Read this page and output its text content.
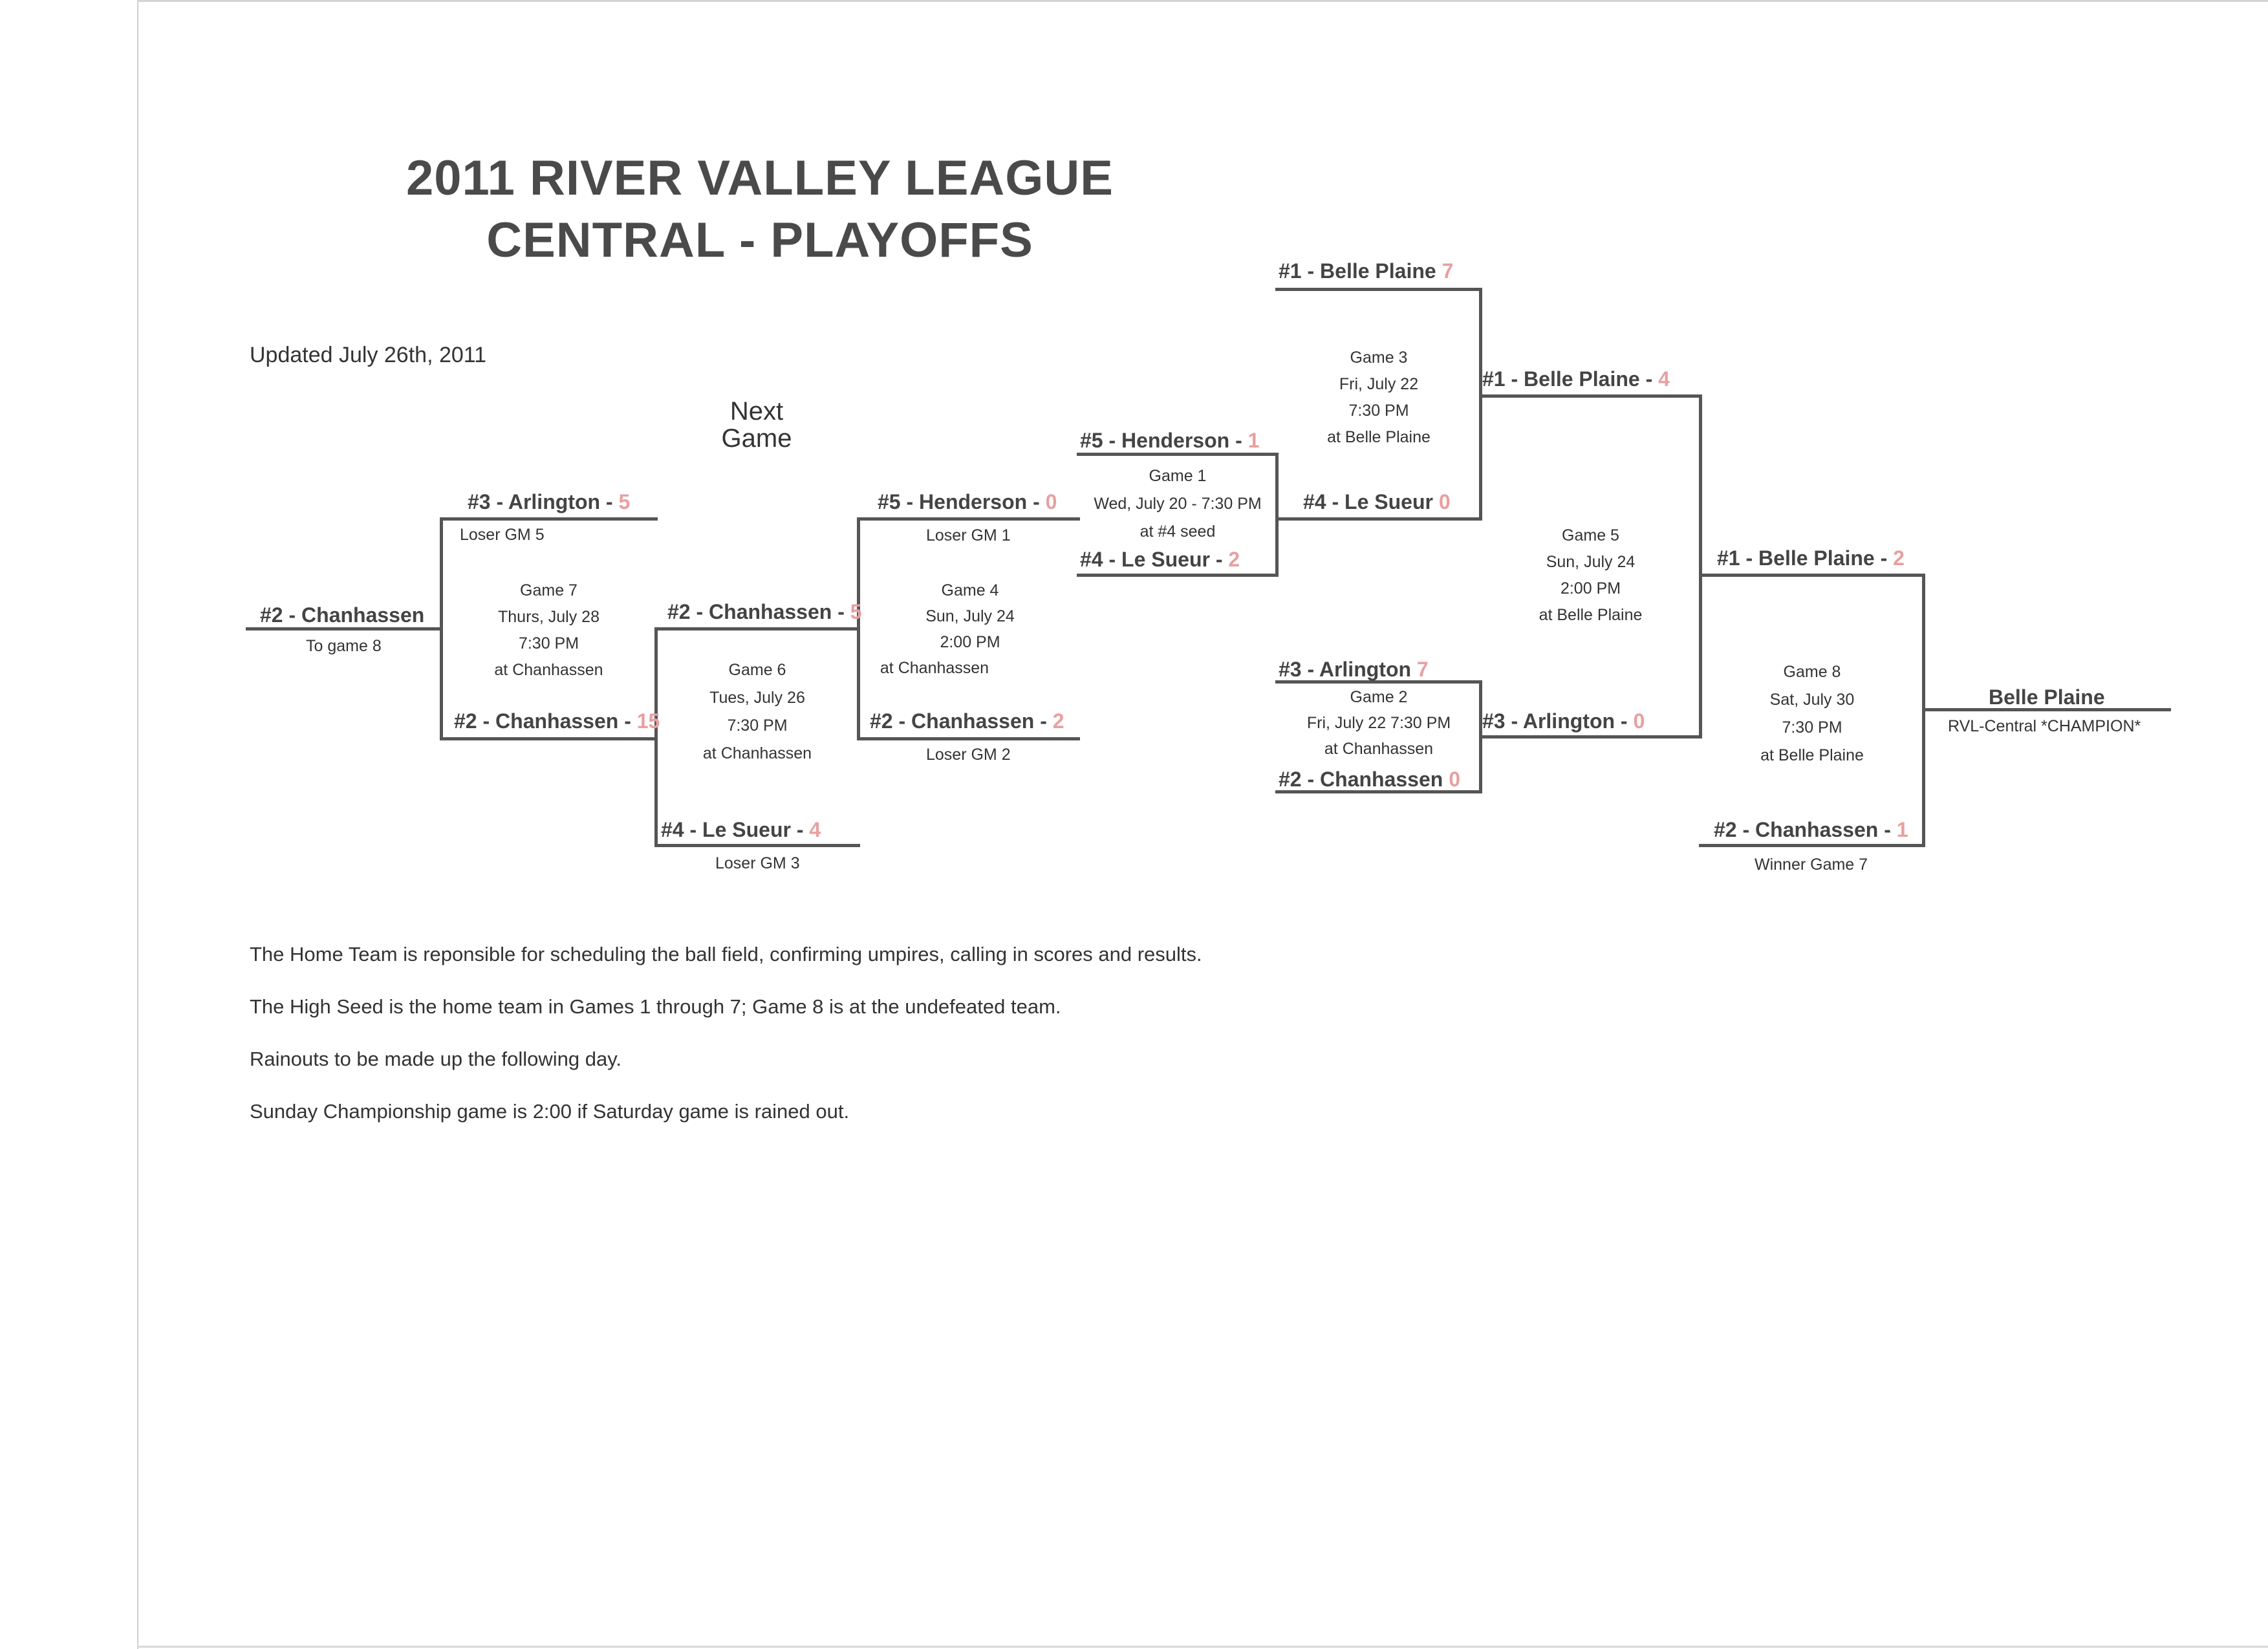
2011 RIVER VALLEY LEAGUE
CENTRAL - PLAYOFFS
Updated July 26th, 2011
Next
Game	#5 - Henderson - 1
#4 - Le Sueur - 2
#3 - Arlington 7
#2 - Chanhassen 0
#1 - Belle Plaine 7
#4 - Le Sueur 0
#1 - Belle Plaine - 4
#3 - Arlington - 0
#1 - Belle Plaine - 2
#2 - Chanhassen - 1
Belle Plaine
#5 - Henderson - 0
#2 - Chanhassen - 2
#2 - Chanhassen - 5
#4 - Le Sueur - 4
#3 - Arlington - 5
#2 - Chanhassen - 15
#2 - Chanhassen
Loser GM 5	Loser GM 1
Loser GM 2
Loser GM 3	Winner Game 7
To game 8
RVL-Central *CHAMPION*
Game 1
Wed, July 20 - 7:30 PM
at #4 seed
Game 2
Fri, July 22 7:30 PM
at Chanhassen
Game 3
Fri, July 22
7:30 PM
at Belle Plaine
Game 5
Sun, July 24
2:00 PM
at Belle Plaine
Game 8
Sat, July 30
7:30 PM
at Belle Plaine
Game 4
Sun, July 24
2:00 PM
at Chanhassen
Game 6
Tues, July 26
7:30 PM
at Chanhassen
Game 7
Thurs, July 28
7:30 PM
at Chanhassen
The Home Team is reponsible for scheduling the ball field, confirming umpires, calling in scores and results.
The High Seed is the home team in Games 1 through 7; Game 8 is at the undefeated team.
Rainouts to be made up the following day.
Sunday Championship game is 2:00 if Saturday game is rained out.
